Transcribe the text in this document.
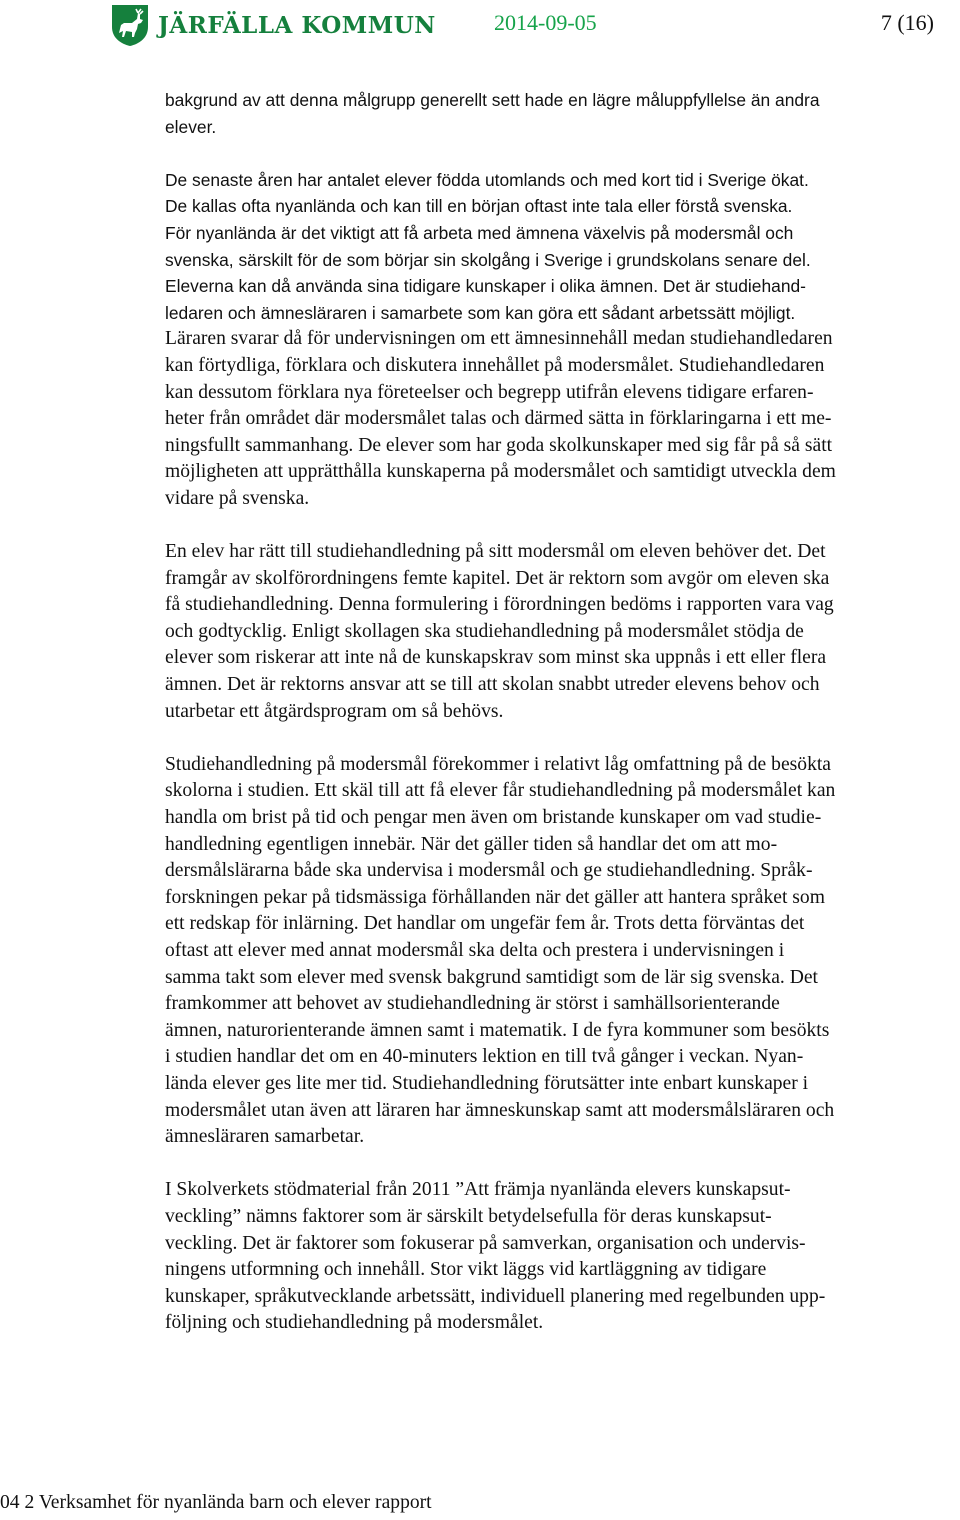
JÄRFÄLLA KOMMUN	2014-09-05	7 (16)
bakgrund av att denna målgrupp generellt sett hade en lägre måluppfyllelse än andra
elever.
De senaste åren har antalet elever födda utomlands och med kort tid i Sverige ökat.
De kallas ofta nyanlända och kan till en början oftast inte tala eller förstå svenska.
För nyanlända är det viktigt att få arbeta med ämnena växelvis på modersmål och
svenska, särskilt för de som börjar sin skolgång i Sverige i grundskolans senare del.
Eleverna kan då använda sina tidigare kunskaper i olika ämnen. Det är studiehand-
ledaren och ämnesläraren i samarbete som kan göra ett sådant arbetssätt möjligt.
Läraren svarar då för undervisningen om ett ämnesinnehåll medan studiehandledaren
kan förtydliga, förklara och diskutera innehållet på modersmålet. Studiehandledaren
kan dessutom förklara nya företeelser och begrepp utifrån elevens tidigare erfaren-
heter från området där modersmålet talas och därmed sätta in förklaringarna i ett me-
ningsfullt sammanhang. De elever som har goda skolkunskaper med sig får på så sätt
möjligheten att upprätthålla kunskaperna på modersmålet och samtidigt utveckla dem
vidare på svenska.
En elev har rätt till studiehandledning på sitt modersmål om eleven behöver det. Det
framgår av skolförordningens femte kapitel. Det är rektorn som avgör om eleven ska
få studiehandledning. Denna formulering i förordningen bedöms i rapporten vara vag
och godtycklig. Enligt skollagen ska studiehandledning på modersmålet stödja de
elever som riskerar att inte nå de kunskapskrav som minst ska uppnås i ett eller flera
ämnen. Det är rektorns ansvar att se till att skolan snabbt utreder elevens behov och
utarbetar ett åtgärdsprogram om så behövs.
Studiehandledning på modersmål förekommer i relativt låg omfattning på de besökta
skolorna i studien. Ett skäl till att få elever får studiehandledning på modersmålet kan
handla om brist på tid och pengar men även om bristande kunskaper om vad studie-
handledning egentligen innebär. När det gäller tiden så handlar det om att mo-
dersmålslärarna både ska undervisa i modersmål och ge studiehandledning. Språk-
forskningen pekar på tidsmässiga förhållanden när det gäller att hantera språket som
ett redskap för inlärning. Det handlar om ungefär fem år. Trots detta förväntas det
oftast att elever med annat modersmål ska delta och prestera i undervisningen i
samma takt som elever med svensk bakgrund samtidigt som de lär sig svenska. Det
framkommer att behovet av studiehandledning är störst i samhällsorienterande
ämnen, naturorienterande ämnen samt i matematik. I de fyra kommuner som besökts
i studien handlar det om en 40-minuters lektion en till två gånger i veckan. Nyan-
lända elever ges lite mer tid. Studiehandledning förutsätter inte enbart kunskaper i
modersmålet utan även att läraren har ämneskunskap samt att modersmålsläraren och
ämnesläraren samarbetar.
I Skolverkets stödmaterial från 2011 ”Att främja nyanlända elevers kunskapsut-
veckling” nämns faktorer som är särskilt betydelsefulla för deras kunskapsut-
veckling. Det är faktorer som fokuserar på samverkan, organisation och undervis-
ningens utformning och innehåll. Stor vikt läggs vid kartläggning av tidigare
kunskaper, språkutvecklande arbetssätt, individuell planering med regelbunden upp-
följning och studiehandledning på modersmålet.
04 2 Verksamhet för nyanlända barn och elever rapport
